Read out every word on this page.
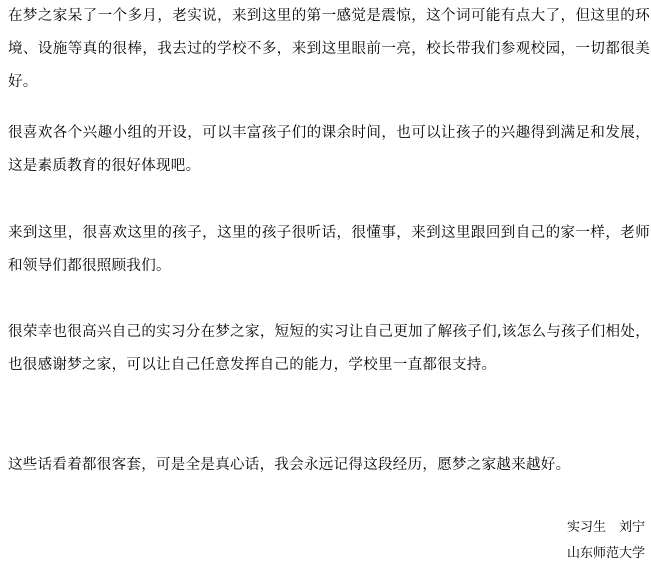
在梦之家呆了一个多月，老实说，来到这里的第一感觉是震惊，这个词可能有点大了，但这里的环境、设施等真的很棒，我去过的学校不多，来到这里眼前一亮，校长带我们参观校园，一切都很美好。

很喜欢各个兴趣小组的开设，可以丰富孩子们的课余时间，也可以让孩子的兴趣得到满足和发展，这是素质教育的很好体现吧。

来到这里，很喜欢这里的孩子，这里的孩子很听话，很懂事，来到这里跟回到自己的家一样，老师和领导们都很照顾我们。

很荣幸也很高兴自己的实习分在梦之家，短短的实习让自己更加了解孩子们,该怎么与孩子们相处，也很感谢梦之家，可以让自己任意发挥自己的能力，学校里一直都很支持。

这些话看着都很客套，可是全是真心话，我会永远记得这段经历，愿梦之家越来越好。

实习生　刘宁
山东师范大学
